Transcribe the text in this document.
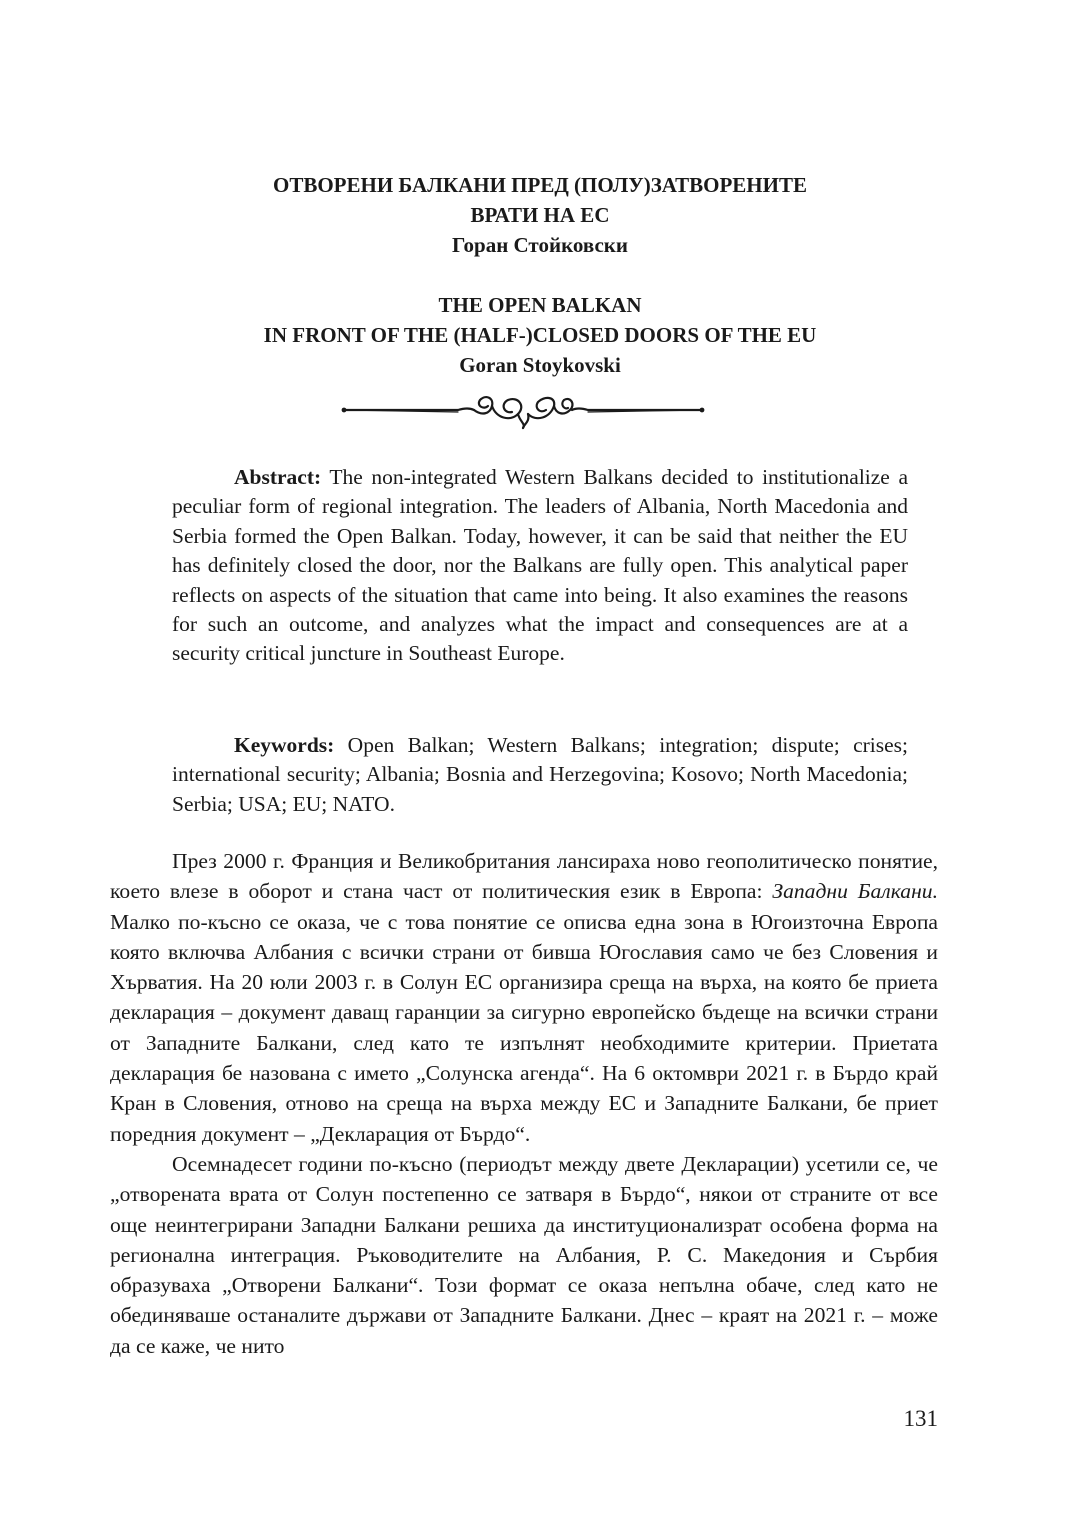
ОТВОРЕНИ БАЛКАНИ ПРЕД (ПОЛУ)ЗАТВОРЕНИТЕ
ВРАТИ НА ЕС
Горан Стойковски
THE OPEN BALKAN
IN FRONT OF THE (HALF-)CLOSED DOORS OF THE EU
Goran Stoykovski

Abstract: The non-integrated Western Balkans decided to institutionalize a peculiar form of regional integration. The leaders of Albania, North Macedonia and Serbia formed the Open Balkan. Today, however, it can be said that neither the EU has definitely closed the door, nor the Balkans are fully open. This analytical paper reflects on aspects of the situation that came into being. It also examines the reasons for such an outcome, and analyzes what the impact and consequences are at a security critical juncture in Southeast Europe.

Keywords: Open Balkan; Western Balkans; integration; dispute; crises; international security; Albania; Bosnia and Herzegovina; Kosovo; North Macedonia; Serbia; USA; EU; NATO.

През 2000 г. Франция и Великобритания лансираха ново геополитическо понятие, което влезе в оборот и стана част от политическия език в Европа: Западни Балкани. Малко по-късно се оказа, че с това понятие се описва една зона в Югоизточна Европа която включва Албания с всички страни от бивша Югославия само че без Словения и Хърватия. На 20 юли 2003 г. в Солун ЕС организира среща на върха, на която бе приета декларация – документ даващ гаранции за сигурно европейско бъдеще на всички страни от Западните Балкани, след като те изпълнят необходимите критерии. Приетата декларация бе назована с името „Солунска агенда“. На 6 октомври 2021 г. в Бърдо край Кран в Словения, отново на среща на върха между ЕС и Западните Балкани, бе приет поредния документ – „Декларация от Бърдо“.

Осемнадесет години по-късно (периодът между двете Декларации) усетили се, че „отворената врата от Солун постепенно се затваря в Бърдо“, някои от страните от все още неинтегрирани Западни Балкани решиха да институционализрат особена форма на регионална интеграция. Ръководителите на Албания, Р. С. Македония и Сърбия образуваха „Отворени Балкани“. Този формат се оказа непълна обаче, след като не обединяваше останалите държави от Западните Балкани. Днес – краят на 2021 г. – може да се каже, че нито

131
